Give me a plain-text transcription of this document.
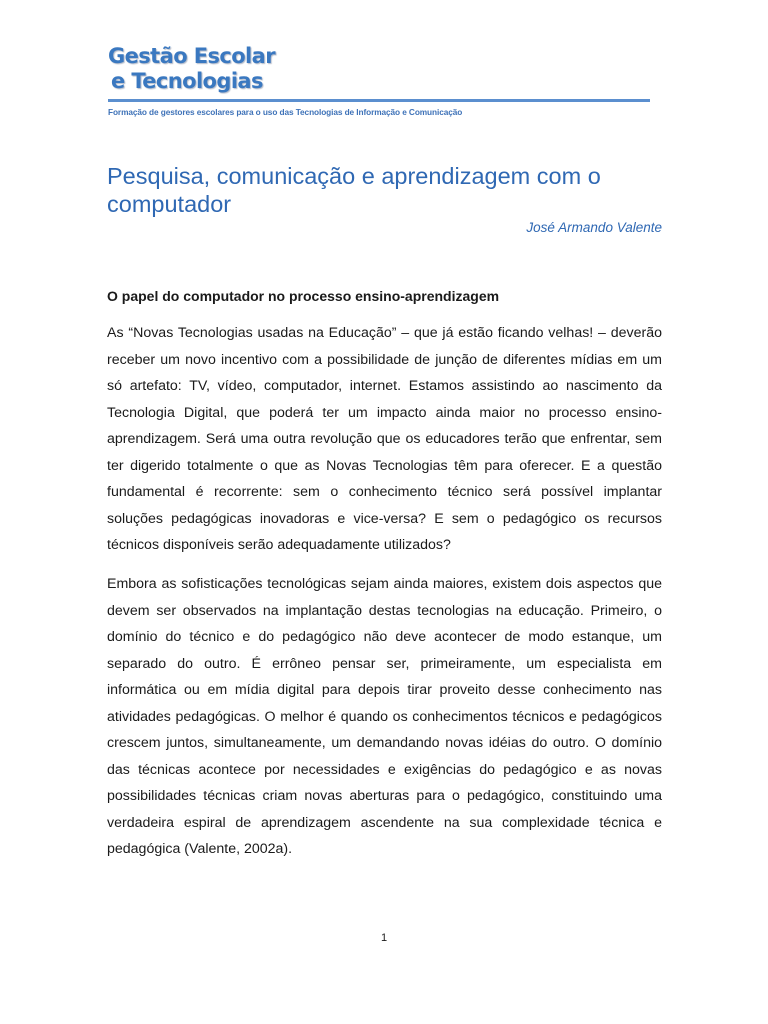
Gestão Escolar
e Tecnologias
Formação de gestores escolares para o uso das Tecnologias de Informação e Comunicação
Pesquisa, comunicação e aprendizagem com o computador
José Armando Valente
O papel do computador no processo ensino-aprendizagem

As “Novas Tecnologias usadas na Educação” – que já estão ficando velhas! – deverão receber um novo incentivo com a possibilidade de junção de diferentes mídias em um só artefato: TV, vídeo, computador, internet. Estamos assistindo ao nascimento da Tecnologia Digital, que poderá ter um impacto ainda maior no processo ensino-aprendizagem. Será uma outra revolução que os educadores terão que enfrentar, sem ter digerido totalmente o que as Novas Tecnologias têm para oferecer. E a questão fundamental é recorrente: sem o conhecimento técnico será possível implantar soluções pedagógicas inovadoras e vice-versa? E sem o pedagógico os recursos técnicos disponíveis serão adequadamente utilizados?

Embora as sofisticações tecnológicas sejam ainda maiores, existem dois aspectos que devem ser observados na implantação destas tecnologias na educação. Primeiro, o domínio do técnico e do pedagógico não deve acontecer de modo estanque, um separado do outro. É errôneo pensar ser, primeiramente, um especialista em informática ou em mídia digital para depois tirar proveito desse conhecimento nas atividades pedagógicas. O melhor é quando os conhecimentos técnicos e pedagógicos crescem juntos, simultaneamente, um demandando novas idéias do outro. O domínio das técnicas acontece por necessidades e exigências do pedagógico e as novas possibilidades técnicas criam novas aberturas para o pedagógico, constituindo uma verdadeira espiral de aprendizagem ascendente na sua complexidade técnica e pedagógica (Valente, 2002a).

1
